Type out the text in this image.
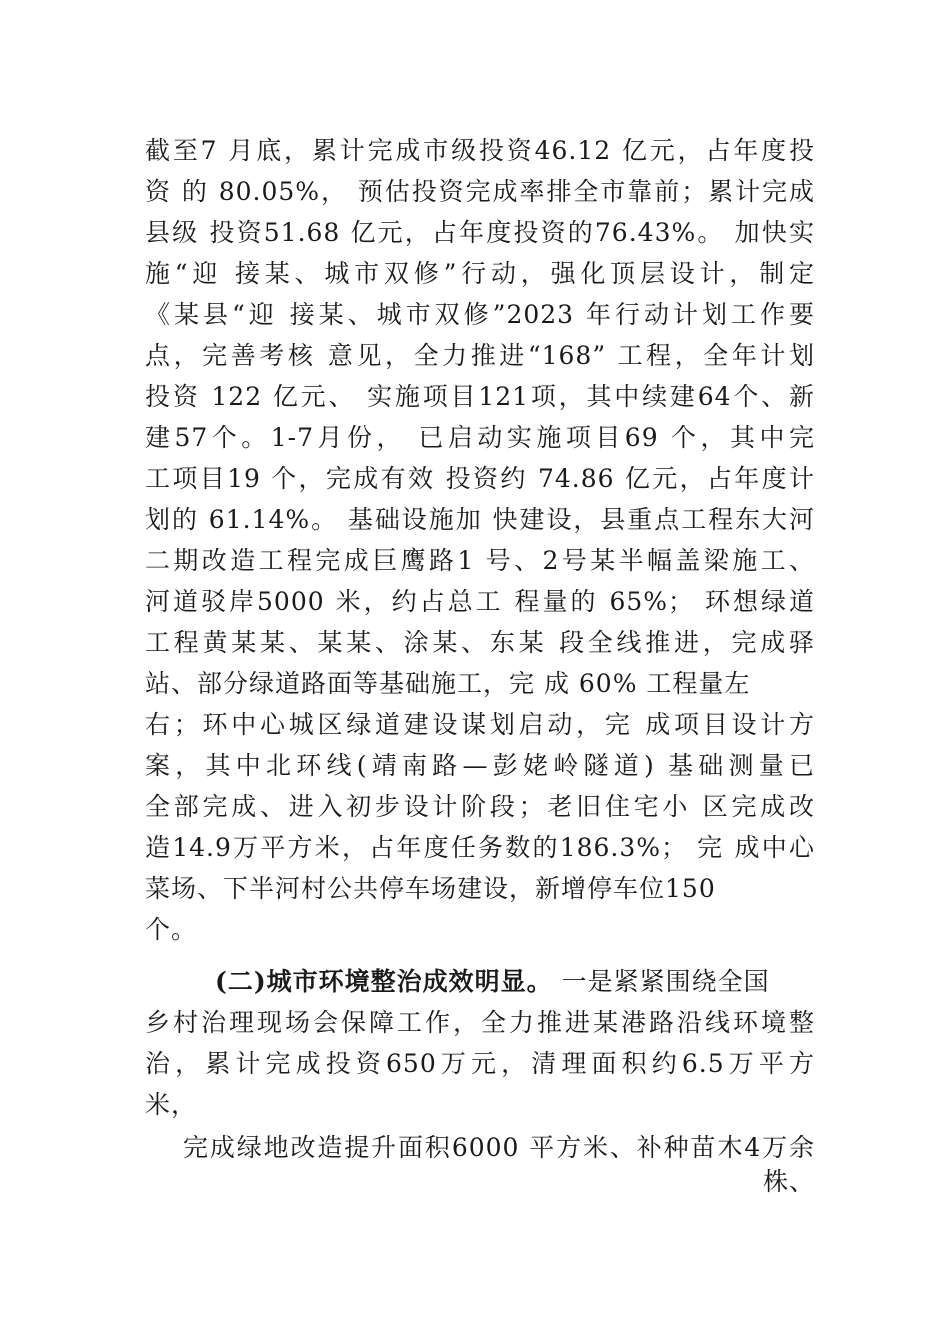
截至7 月底，累计完成市级投资46.12 亿元，占年度投
资 的 80.05%， 预估投资完成率排全市靠前；累计完成
县级 投资51.68 亿元，占年度投资的76.43%。 加快实
施“迎 接某、城市双修”行动，强化顶层设计，制定
《某县“迎 接某、城市双修”2023 年行动计划工作要
点，完善考核 意见，全力推进“168” 工程，全年计划
投资 122 亿元、 实施项目121项，其中续建64个、新
建57个。1-7月份， 已启动实施项目69 个，其中完
工项目19 个，完成有效 投资约 74.86 亿元，占年度计
划的 61.14%。 基础设施加 快建设，县重点工程东大河
二期改造工程完成巨鹰路1 号、2号某半幅盖梁施工、
河道驳岸5000 米，约占总工 程量的 65%； 环想绿道
工程黄某某、某某、涂某、东某 段全线推进，完成驿
站、部分绿道路面等基础施工，完 成 60% 工程量左
右；环中心城区绿道建设谋划启动，完 成项目设计方
案，其中北环线(靖南路—彭姥岭隧道) 基础测量已
全部完成、进入初步设计阶段；老旧住宅小 区完成改
造14.9万平方米，占年度任务数的186.3%； 完 成中心
菜场、下半河村公共停车场建设，新增停车位150
个。
(二)城市环境整治成效明显。 一是紧紧围绕全国
乡村治理现场会保障工作，全力推进某港路沿线环境整
治，累计完成投资650万元，清理面积约6.5万平方
米，
完成绿地改造提升面积6000 平方米、补种苗木4万余
株、
